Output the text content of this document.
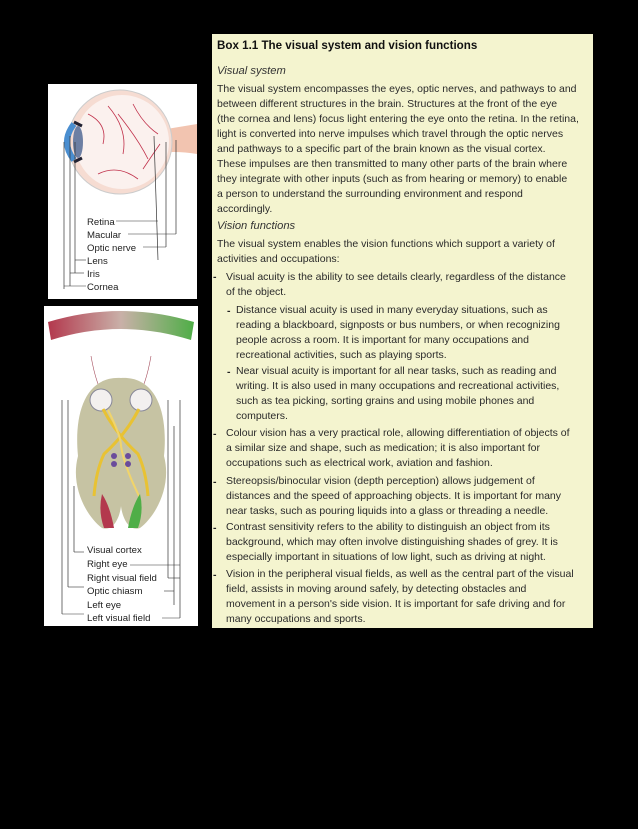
Retina
Macular
Optic nerve
Lens
Iris
Cornea
Visual cortex
Right eye
Right visual field
Optic chiasm
Left eye
Left visual field
Box 1.1 The visual system and vision functions
Visual system
The visual system encompasses the eyes, optic nerves, and pathways to and
between different structures in the brain. Structures at the front of the eye
(the cornea and lens) focus light entering the eye onto the retina. In the retina,
light is converted into nerve impulses which travel through the optic nerves
and pathways to a specific part of the brain known as the visual cortex.
These impulses are then transmitted to many other parts of the brain where
they integrate with other inputs (such as from hearing or memory) to enable
a person to understand the surrounding environment and respond
accordingly.
Vision functions
The visual system enables the vision functions which support a variety of
activities and occupations:
- Visual acuity is the ability to see details clearly, regardless of the distance
of the object.
- Distance visual acuity is used in many everyday situations, such as
reading a blackboard, signposts or bus numbers, or when recognizing
people across a room. It is important for many occupations and
recreational activities, such as playing sports.
- Near visual acuity is important for all near tasks, such as reading and
writing. It is also used in many occupations and recreational activities,
such as tea picking, sorting grains and using mobile phones and
computers.
- Colour vision has a very practical role, allowing differentiation of objects of
a similar size and shape, such as medication; it is also important for
occupations such as electrical work, aviation and fashion.
- Stereopsis/binocular vision (depth perception) allows judgement of
distances and the speed of approaching objects. It is important for many
near tasks, such as pouring liquids into a glass or threading a needle.
- Contrast sensitivity refers to the ability to distinguish an object from its
background, which may often involve distinguishing shades of grey. It is
especially important in situations of low light, such as driving at night.
- Vision in the peripheral visual fields, as well as the central part of the visual
field, assists in moving around safely, by detecting obstacles and
movement in a person's side vision. It is important for safe driving and for
many occupations and sports.
